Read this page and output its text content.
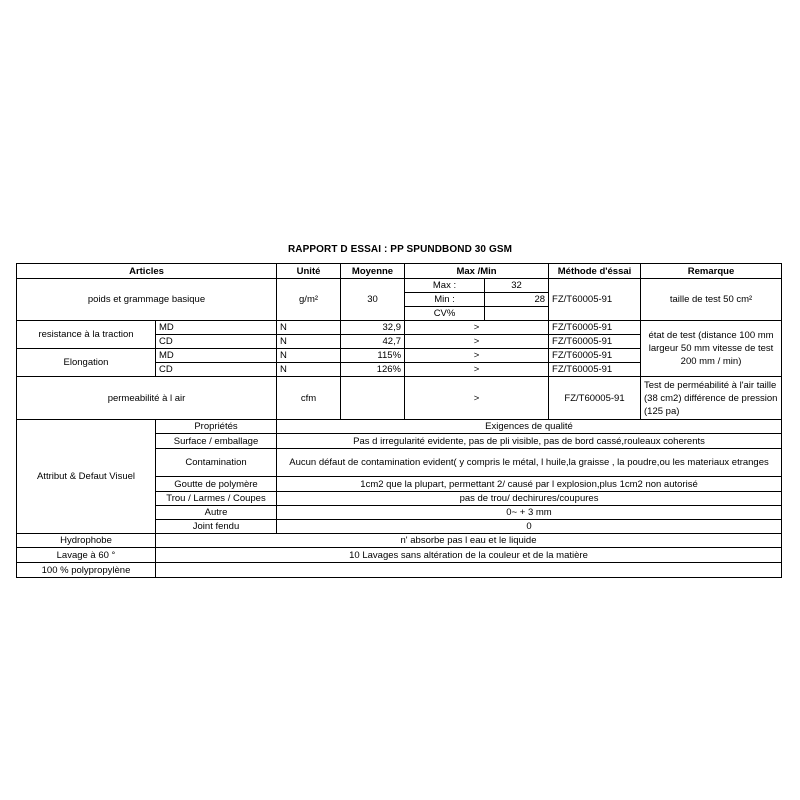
RAPPORT D ESSAI : PP SPUNDBOND 30 GSM
Articles		Unité	Moyenne	Max /Min		Méthode d'éssai	Remarque
poids et grammage basique		g/m²	30	Max :	32	FZ/T60005-91	taille de test 50 cm²
				Min :	28		
				CV%			
resistance à la traction	MD	N	32,9	>		FZ/T60005-91	état de test (distance 100 mm largeur 50 mm vitesse de test 200 mm / min)
	CD	N	42,7	>		FZ/T60005-91	
Elongation	MD	N	115%	>		FZ/T60005-91	
	CD	N	126%	>		FZ/T60005-91	
permeabilité à l air		cfm		>		FZ/T60005-91	Test de perméabilité à l'air taille (38 cm2) différence de pression (125 pa)
Attribut & Defaut Visuel	Propriétés	Exigences de qualité					
	Surface / emballage	Pas d irregularité evidente, pas de pli visible, pas de bord cassé,rouleaux coherents					
	Contamination	Aucun défaut de contamination evident( y compris le métal, l huile,la graisse , la poudre,ou les materiaux etranges					
	Goutte de polymère	1cm2 que la plupart, permettant 2/ causé par l explosion,plus 1cm2 non autorisé					
	Trou / Larmes / Coupes	pas de trou/ dechirures/coupures					
	Autre	0~ + 3 mm					
	Joint fendu	0					

Hydrophobe	n' absorbe pas l eau et le liquide						
Lavage à 60 °	10 Lavages sans altération de la couleur et de la matière						
100 % polypropylène							
